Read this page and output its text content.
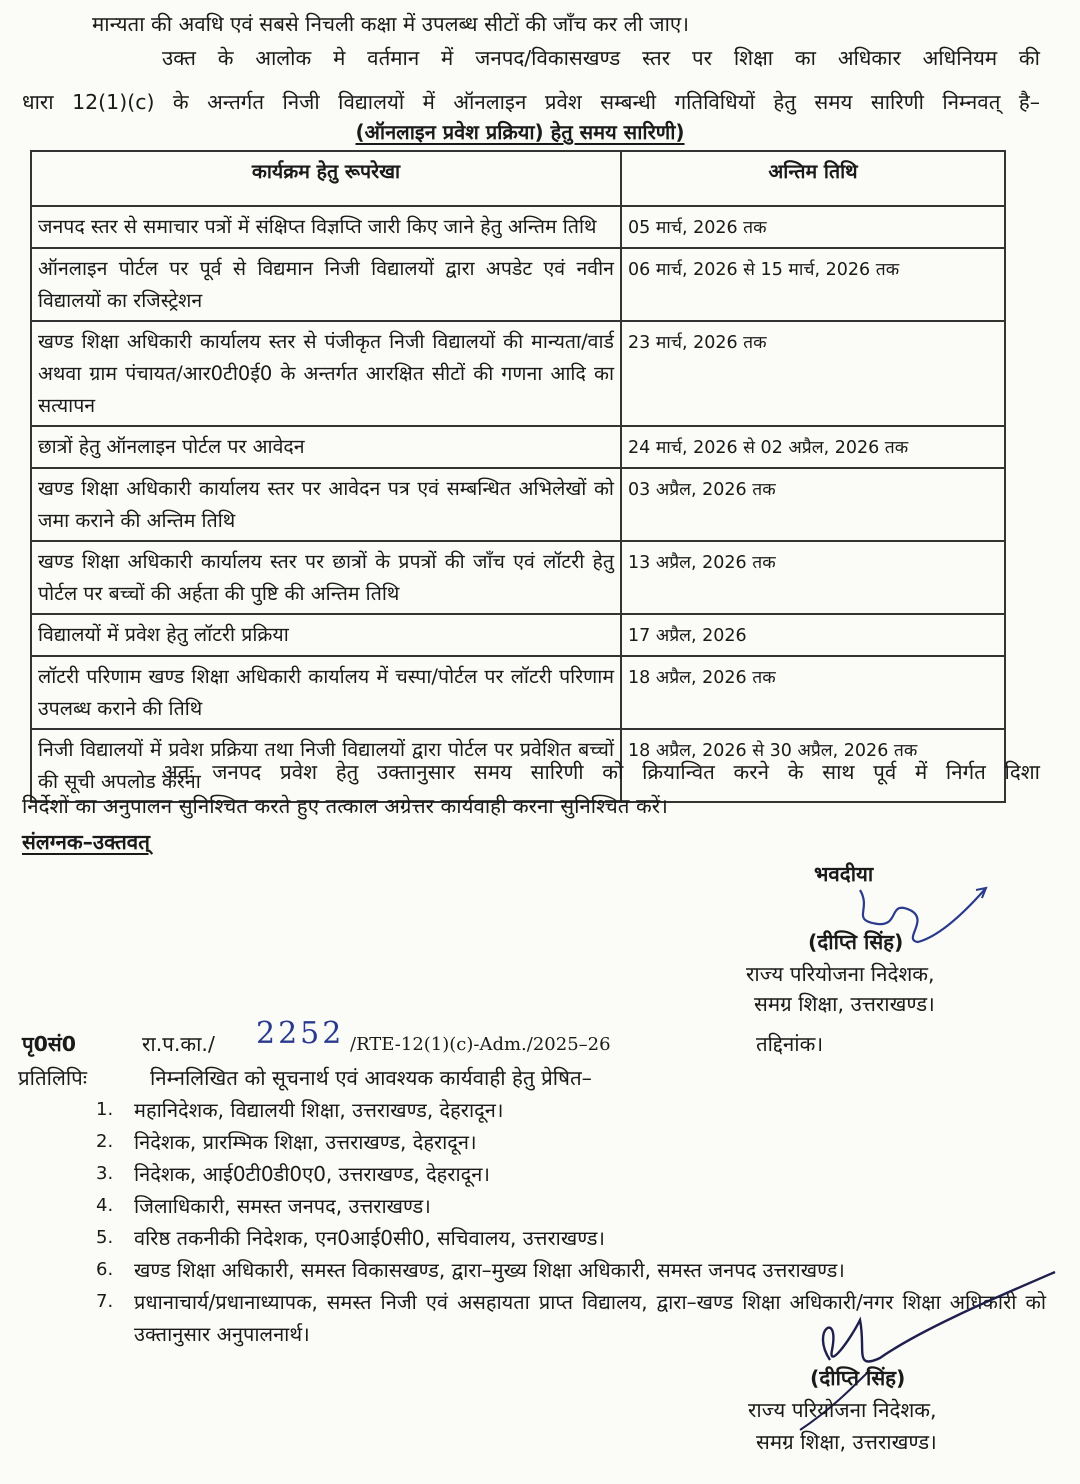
मान्यता की अवधि एवं सबसे निचली कक्षा में उपलब्ध सीटों की जाँच कर ली जाए।
उक्त के आलोक मे वर्तमान में जनपद/विकासखण्ड स्तर पर शिक्षा का अधिकार अधिनियम की
धारा 12(1)(c) के अन्तर्गत निजी विद्यालयों में ऑनलाइन प्रवेश सम्बन्धी गतिविधियों हेतु समय सारिणी निम्नवत् है–
(ऑनलाइन प्रवेश प्रक्रिया) हेतु समय सारिणी)
कार्यक्रम हेतु रूपरेखा	अन्तिम तिथि
जनपद स्तर से समाचार पत्रों में संक्षिप्त विज्ञप्ति जारी किए जाने हेतु अन्तिम तिथि	05 मार्च, 2026 तक
ऑनलाइन पोर्टल पर पूर्व से विद्यमान निजी विद्यालयों द्वारा अपडेट एवं नवीन विद्यालयों का रजिस्ट्रेशन	06 मार्च, 2026 से 15 मार्च, 2026 तक
खण्ड शिक्षा अधिकारी कार्यालय स्तर से पंजीकृत निजी विद्यालयों की मान्यता/वार्ड अथवा ग्राम पंचायत/आर0टी0ई0 के अन्तर्गत आरक्षित सीटों की गणना आदि का सत्यापन	23 मार्च, 2026 तक
छात्रों हेतु ऑनलाइन पोर्टल पर आवेदन	24 मार्च, 2026 से 02 अप्रैल, 2026 तक
खण्ड शिक्षा अधिकारी कार्यालय स्तर पर आवेदन पत्र एवं सम्बन्धित अभिलेखों को जमा कराने की अन्तिम तिथि	03 अप्रैल, 2026 तक
खण्ड शिक्षा अधिकारी कार्यालय स्तर पर छात्रों के प्रपत्रों की जाँच एवं लॉटरी हेतु पोर्टल पर बच्चों की अर्हता की पुष्टि की अन्तिम तिथि	13 अप्रैल, 2026 तक
विद्यालयों में प्रवेश हेतु लॉटरी प्रक्रिया	17 अप्रैल, 2026
लॉटरी परिणाम खण्ड शिक्षा अधिकारी कार्यालय में चस्पा/पोर्टल पर लॉटरी परिणाम उपलब्ध कराने की तिथि	18 अप्रैल, 2026 तक
निजी विद्यालयों में प्रवेश प्रक्रिया तथा निजी विद्यालयों द्वारा पोर्टल पर प्रवेशित बच्चों की सूची अपलोड करना	18 अप्रैल, 2026 से 30 अप्रैल, 2026 तक
अतः जनपद प्रवेश हेतु उक्तानुसार समय सारिणी को क्रियान्वित करने के साथ पूर्व में निर्गत दिशा
निर्देशों का अनुपालन सुनिश्चित करते हुए तत्काल अग्रेत्तर कार्यवाही करना सुनिश्चित करें।
संलग्नक–उक्तवत्
भवदीया
(दीप्ति सिंह)
राज्य परियोजना निदेशक,
समग्र शिक्षा, उत्तराखण्ड।
पृ0सं0	रा.प.का./ 2252 /RTE-12(1)(c)-Adm./2025–26	तद्दिनांक।
प्रतिलिपिः	निम्नलिखित को सूचनार्थ एवं आवश्यक कार्यवाही हेतु प्रेषित–
1. महानिदेशक, विद्यालयी शिक्षा, उत्तराखण्ड, देहरादून।
2. निदेशक, प्रारम्भिक शिक्षा, उत्तराखण्ड, देहरादून।
3. निदेशक, आई0टी0डी0ए0, उत्तराखण्ड, देहरादून।
4. जिलाधिकारी, समस्त जनपद, उत्तराखण्ड।
5. वरिष्ठ तकनीकी निदेशक, एन0आई0सी0, सचिवालय, उत्तराखण्ड।
6. खण्ड शिक्षा अधिकारी, समस्त विकासखण्ड, द्वारा–मुख्य शिक्षा अधिकारी, समस्त जनपद उत्तराखण्ड।
7. प्रधानाचार्य/प्रधानाध्यापक, समस्त निजी एवं असहायता प्राप्त विद्यालय, द्वारा–खण्ड शिक्षा अधिकारी/नगर शिक्षा अधिकारी को उक्तानुसार अनुपालनार्थ।
(दीप्ति सिंह)
राज्य परियोजना निदेशक,
समग्र शिक्षा, उत्तराखण्ड।
